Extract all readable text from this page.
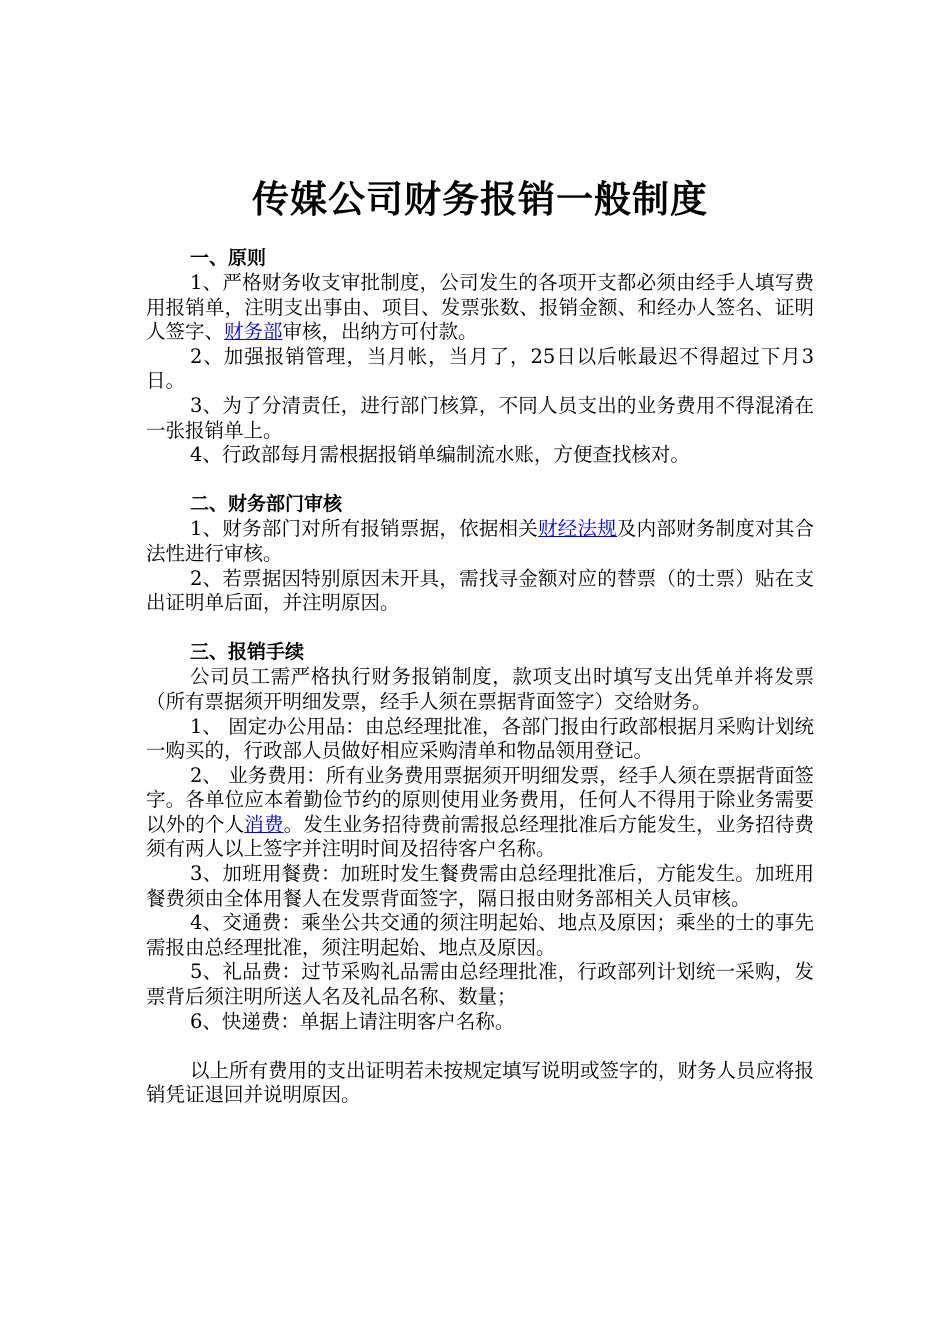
传媒公司财务报销一般制度
一、原则

1、严格财务收支审批制度，公司发生的各项开支都必须由经手人填写费用报销单，注明支出事由、项目、发票张数、报销金额、和经办人签名、证明人签字、财务部审核，出纳方可付款。

2、加强报销管理，当月帐，当月了，25日以后帐最迟不得超过下月3日。

3、为了分清责任，进行部门核算，不同人员支出的业务费用不得混淆在一张报销单上。

4、行政部每月需根据报销单编制流水账，方便查找核对。

二、财务部门审核

1、财务部门对所有报销票据，依据相关财经法规及内部财务制度对其合法性进行审核。

2、若票据因特别原因未开具，需找寻金额对应的替票（的士票）贴在支出证明单后面，并注明原因。

三、报销手续

公司员工需严格执行财务报销制度，款项支出时填写支出凭单并将发票（所有票据须开明细发票，经手人须在票据背面签字）交给财务。

1、 固定办公用品：由总经理批准，各部门报由行政部根据月采购计划统一购买的，行政部人员做好相应采购清单和物品领用登记。

2、 业务费用：所有业务费用票据须开明细发票，经手人须在票据背面签字。各单位应本着勤俭节约的原则使用业务费用，任何人不得用于除业务需要以外的个人消费。发生业务招待费前需报总经理批准后方能发生，业务招待费须有两人以上签字并注明时间及招待客户名称。

3、加班用餐费：加班时发生餐费需由总经理批准后，方能发生。加班用餐费须由全体用餐人在发票背面签字，隔日报由财务部相关人员审核。

4、交通费：乘坐公共交通的须注明起始、地点及原因；乘坐的士的事先需报由总经理批准，须注明起始、地点及原因。

5、礼品费：过节采购礼品需由总经理批准，行政部列计划统一采购，发票背后须注明所送人名及礼品名称、数量；

6、快递费：单据上请注明客户名称。

以上所有费用的支出证明若未按规定填写说明或签字的，财务人员应将报销凭证退回并说明原因。
